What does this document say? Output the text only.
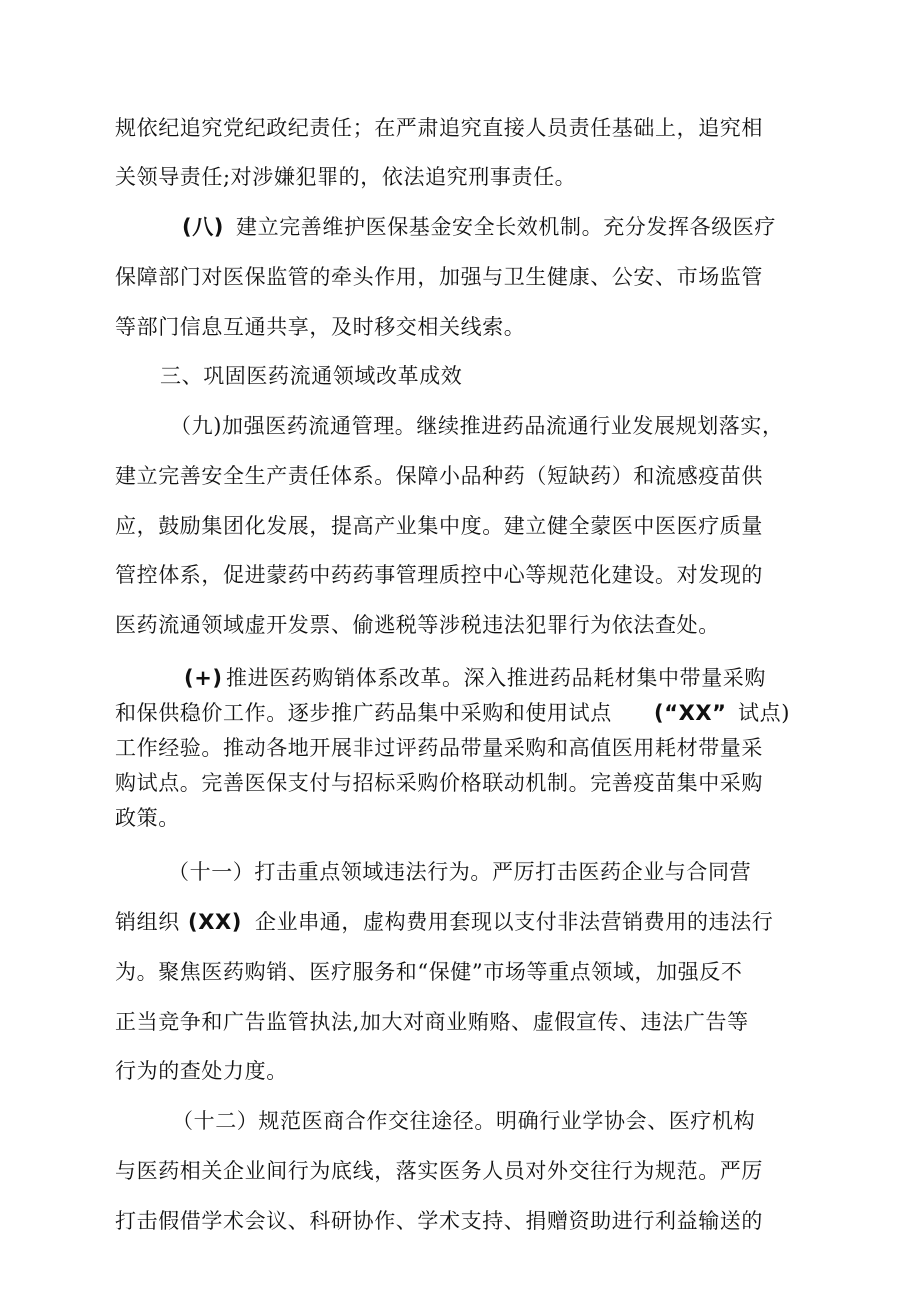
规依纪追究党纪政纪责任；在严肃追究直接人员责任基础上，追究相
关领导责任;对涉嫌犯罪的，依法追究刑事责任。
(八) 建立完善维护医保基金安全长效机制。充分发挥各级医疗
保障部门对医保监管的牵头作用，加强与卫生健康、公安、市场监管
等部门信息互通共享，及时移交相关线索。
三、巩固医药流通领域改革成效
（九)加强医药流通管理。继续推进药品流通行业发展规划落实，
建立完善安全生产责任体系。保障小品种药（短缺药）和流感疫苗供
应，鼓励集团化发展，提高产业集中度。建立健全蒙医中医医疗质量
管控体系，促进蒙药中药药事管理质控中心等规范化建设。对发现的
医药流通领域虚开发票、偷逃税等涉税违法犯罪行为依法查处。
(+) 推进医药购销体系改革。深入推进药品耗材集中带量采购
和保供稳价工作。逐步推广药品集中采购和使用试点 (“XX” 试点)
工作经验。推动各地开展非过评药品带量采购和高值医用耗材带量采
购试点。完善医保支付与招标采购价格联动机制。完善疫苗集中采购
政策。
（十一）打击重点领域违法行为。严厉打击医药企业与合同营
销组织 (XX) 企业串通，虚构费用套现以支付非法营销费用的违法行
为。聚焦医药购销、医疗服务和“保健”市场等重点领域，加强反不
正当竞争和广告监管执法,加大对商业贿赂、虚假宣传、违法广告等
行为的查处力度。
（十二）规范医商合作交往途径。明确行业学协会、医疗机构
与医药相关企业间行为底线，落实医务人员对外交往行为规范。严厉
打击假借学术会议、科研协作、学术支持、捐赠资助进行利益输送的
